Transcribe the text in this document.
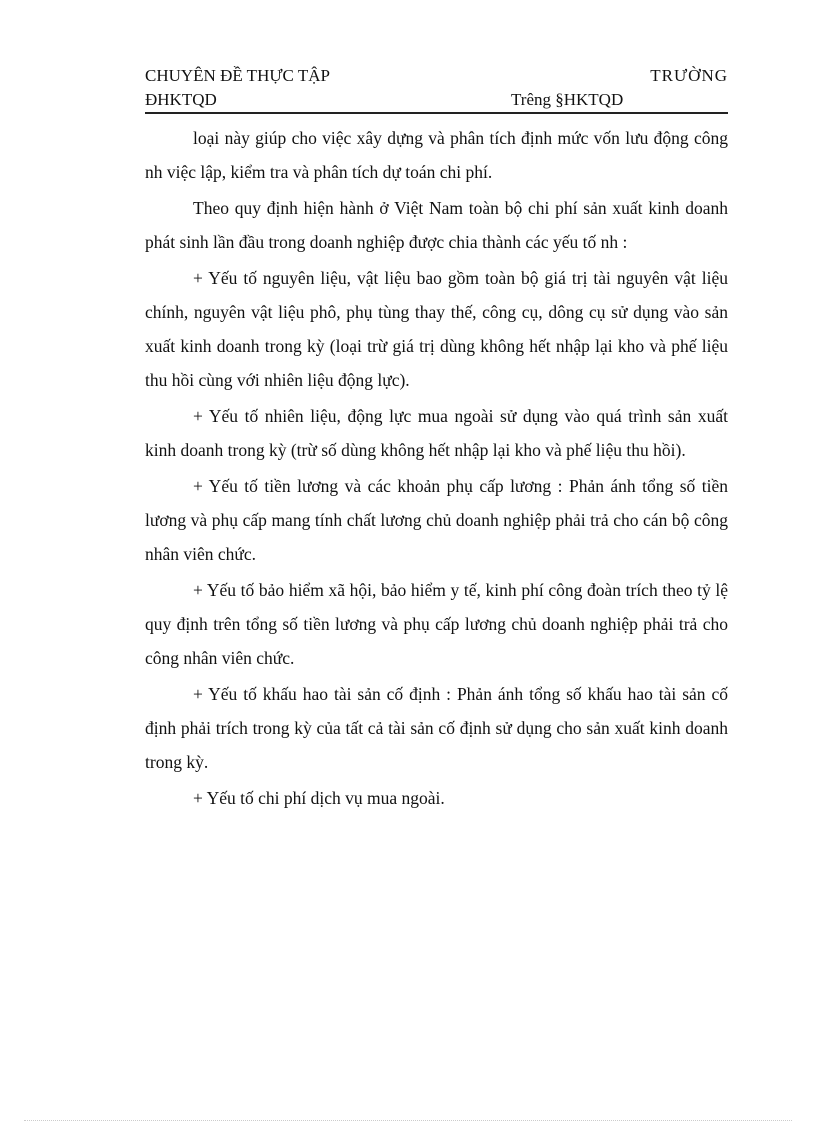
CHUYÊN ĐỀ THỰC TẬP	TRƯỜNG
ĐHKTQD	Trêng §HKTQD

loại này giúp cho việc xây dựng và phân tích định mức vốn lưu động công nh việc lập, kiểm tra và phân tích dự toán chi phí.

Theo quy định hiện hành ở Việt Nam toàn bộ chi phí sản xuất kinh doanh phát sinh lần đầu trong doanh nghiệp được chia thành các yếu tố nh :

+ Yếu tố nguyên liệu, vật liệu bao gồm toàn bộ giá trị tài nguyên vật liệu chính, nguyên vật liệu phô, phụ tùng thay thế, công cụ, dông cụ sử dụng vào sản xuất kinh doanh trong kỳ (loại trừ giá trị dùng không hết nhập lại kho và phế liệu thu hồi cùng với nhiên liệu động lực).

+ Yếu tố nhiên liệu, động lực mua ngoài sử dụng vào quá trình sản xuất kinh doanh trong kỳ (trừ số dùng không hết nhập lại kho và phế liệu thu hồi).

+ Yếu tố tiền lương và các khoản phụ cấp lương : Phản ánh tổng số tiền lương và phụ cấp mang tính chất lương chủ doanh nghiệp phải trả cho cán bộ công nhân viên chức.

+ Yếu tố bảo hiểm xã hội, bảo hiểm y tế, kinh phí công đoàn trích theo tỷ lệ quy định trên tổng số tiền lương và phụ cấp lương chủ doanh nghiệp phải trả cho công nhân viên chức.

+ Yếu tố khấu hao tài sản cố định : Phản ánh tổng số khấu hao tài sản cố định phải trích trong kỳ của tất cả tài sản cố định sử dụng cho sản xuất kinh doanh trong kỳ.

+ Yếu tố chi phí dịch vụ mua ngoài.
